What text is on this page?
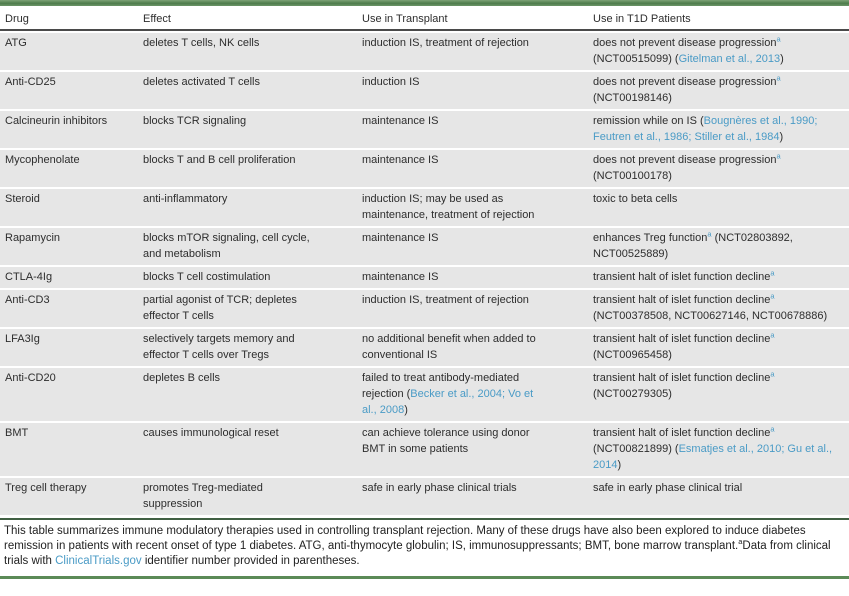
Drug	Effect	Use in Transplant	Use in T1D Patients
ATG	deletes T cells, NK cells	induction IS, treatment of rejection	does not prevent disease progression$^a$ (NCT00515099) (Gitelman et al., 2013)
Anti-CD25	deletes activated T cells	induction IS	does not prevent disease progression$^a$ (NCT00198146)
Calcineurin inhibitors	blocks TCR signaling	maintenance IS	remission while on IS (Bougnères et al., 1990; Feutren et al., 1986; Stiller et al., 1984)
Mycophenolate	blocks T and B cell proliferation	maintenance IS	does not prevent disease progression$^a$ (NCT00100178)
Steroid	anti-inflammatory	induction IS; may be used as maintenance, treatment of rejection	toxic to beta cells
Rapamycin	blocks mTOR signaling, cell cycle, and metabolism	maintenance IS	enhances Treg function$^a$ (NCT02803892, NCT00525889)
CTLA-4Ig	blocks T cell costimulation	maintenance IS	transient halt of islet function decline$^a$
Anti-CD3	partial agonist of TCR; depletes effector T cells	induction IS, treatment of rejection	transient halt of islet function decline$^a$ (NCT00378508, NCT00627146, NCT00678886)
LFA3Ig	selectively targets memory and effector T cells over Tregs	no additional benefit when added to conventional IS	transient halt of islet function decline$^a$ (NCT00965458)
Anti-CD20	depletes B cells	failed to treat antibody-mediated rejection (Becker et al., 2004; Vo et al., 2008)	transient halt of islet function decline$^a$ (NCT00279305)
BMT	causes immunological reset	can achieve tolerance using donor BMT in some patients	transient halt of islet function decline$^a$ (NCT00821899) (Esmatjes et al., 2010; Gu et al., 2014)
Treg cell therapy	promotes Treg-mediated suppression	safe in early phase clinical trials	safe in early phase clinical trial
This table summarizes immune modulatory therapies used in controlling transplant rejection. Many of these drugs have also been explored to induce diabetes remission in patients with recent onset of type 1 diabetes. ATG, anti-thymocyte globulin; IS, immunosuppressants; BMT, bone marrow transplant.$^a$Data from clinical trials with ClinicalTrials.gov identifier number provided in parentheses.
